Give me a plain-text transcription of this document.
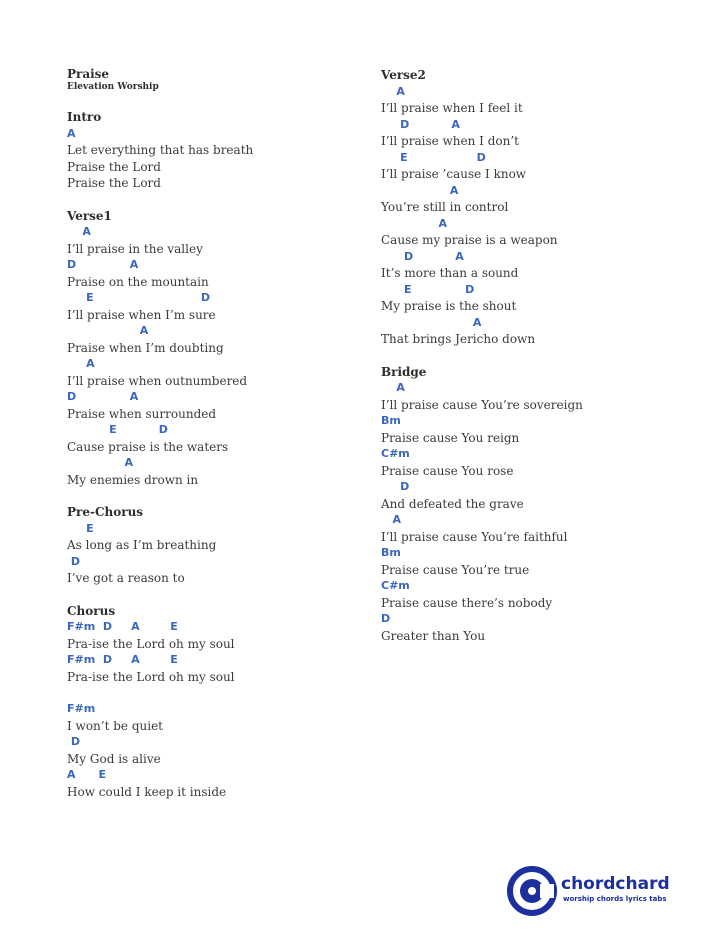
Praise
Elevation Worship
Intro
A
Let everything that has breath
Praise the Lord
Praise the Lord
Verse1
A
I’ll praise in the valley
D              A
Praise on the mountain
E                            D
I’ll praise when I’m sure
A
Praise when I’m doubting
A
I’ll praise when outnumbered
D              A
Praise when surrounded
E           D
Cause praise is the waters
A
My enemies drown in
Pre-Chorus
E
As long as I’m breathing
D
I’ve got a reason to
Chorus
F#m  D     A        E
Pra-ise the Lord oh my soul
F#m  D     A        E
Pra-ise the Lord oh my soul
F#m
I won’t be quiet
D
My God is alive
A      E
How could I keep it inside
Verse2
A
I’ll praise when I feel it
D           A
I’ll praise when I don’t
E                  D
I’ll praise ’cause I know
A
You’re still in control
A
Cause my praise is a weapon
D           A
It’s more than a sound
E              D
My praise is the shout
A
That brings Jericho down
Bridge
A
I’ll praise cause You’re sovereign
Bm
Praise cause You reign
C#m
Praise cause You rose
D
And defeated the grave
A
I’ll praise cause You’re faithful
Bm
Praise cause You’re true
C#m
Praise cause there’s nobody
D
Greater than You
chordchard
worship chords lyrics tabs
